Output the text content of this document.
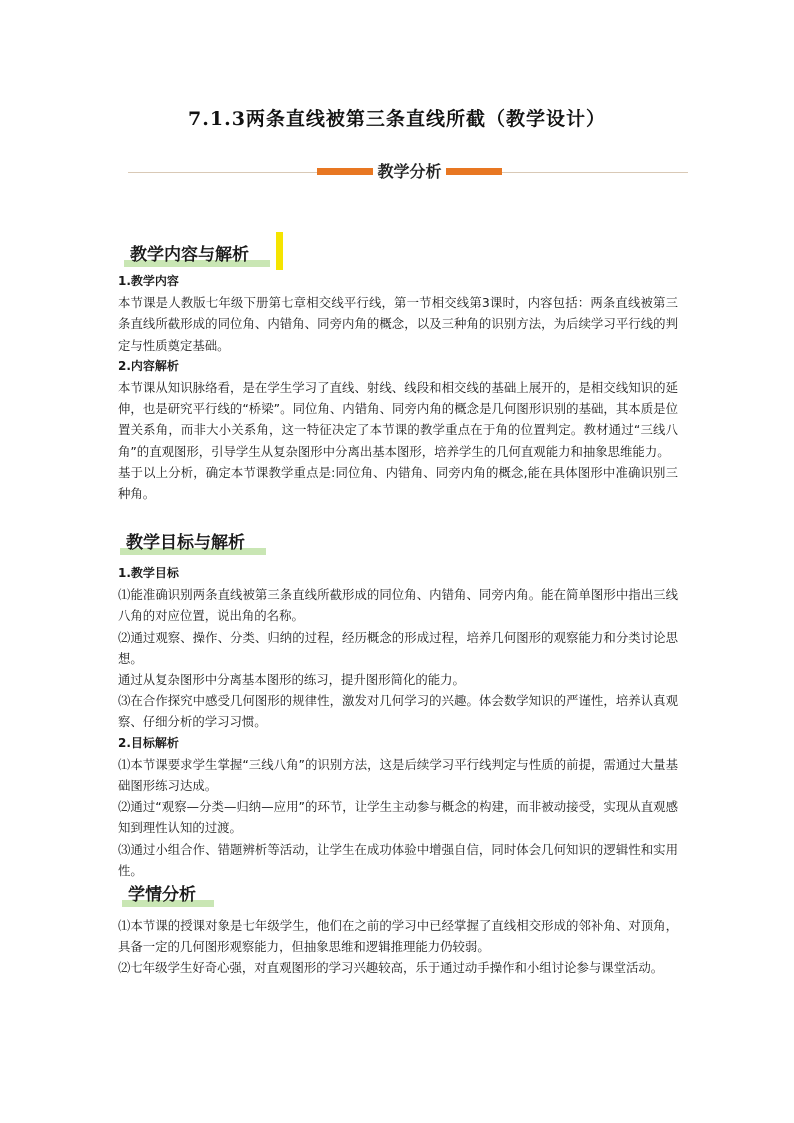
7.1.3两条直线被第三条直线所截（教学设计）
教学分析
教学内容与解析

1.教学内容

本节课是人教版七年级下册第七章相交线平行线，第一节相交线第3课时，内容包括：两条直线被第三条直线所截形成的同位角、内错角、同旁内角的概念，以及三种角的识别方法，为后续学习平行线的判定与性质奠定基础。

2.内容解析

本节课从知识脉络看，是在学生学习了直线、射线、线段和相交线的基础上展开的，是相交线知识的延伸，也是研究平行线的“桥梁”。同位角、内错角、同旁内角的概念是几何图形识别的基础，其本质是位置关系角，而非大小关系角，这一特征决定了本节课的教学重点在于角的位置判定。教材通过“三线八角”的直观图形，引导学生从复杂图形中分离出基本图形，培养学生的几何直观能力和抽象思维能力。

基于以上分析，确定本节课教学重点是:同位角、内错角、同旁内角的概念,能在具体图形中准确识别三种角。

教学目标与解析

1.教学目标

⑴能准确识别两条直线被第三条直线所截形成的同位角、内错角、同旁内角。能在简单图形中指出三线八角的对应位置，说出角的名称。

⑵通过观察、操作、分类、归纳的过程，经历概念的形成过程，培养几何图形的观察能力和分类讨论思想。

通过从复杂图形中分离基本图形的练习，提升图形简化的能力。

⑶在合作探究中感受几何图形的规律性，激发对几何学习的兴趣。体会数学知识的严谨性，培养认真观察、仔细分析的学习习惯。

2.目标解析

⑴本节课要求学生掌握“三线八角”的识别方法，这是后续学习平行线判定与性质的前提，需通过大量基础图形练习达成。

⑵通过“观察—分类—归纳—应用”的环节，让学生主动参与概念的构建，而非被动接受，实现从直观感知到理性认知的过渡。

⑶通过小组合作、错题辨析等活动，让学生在成功体验中增强自信，同时体会几何知识的逻辑性和实用性。

学情分析

⑴本节课的授课对象是七年级学生，他们在之前的学习中已经掌握了直线相交形成的邻补角、对顶角，具备一定的几何图形观察能力，但抽象思维和逻辑推理能力仍较弱。

⑵七年级学生好奇心强，对直观图形的学习兴趣较高，乐于通过动手操作和小组讨论参与课堂活动。
